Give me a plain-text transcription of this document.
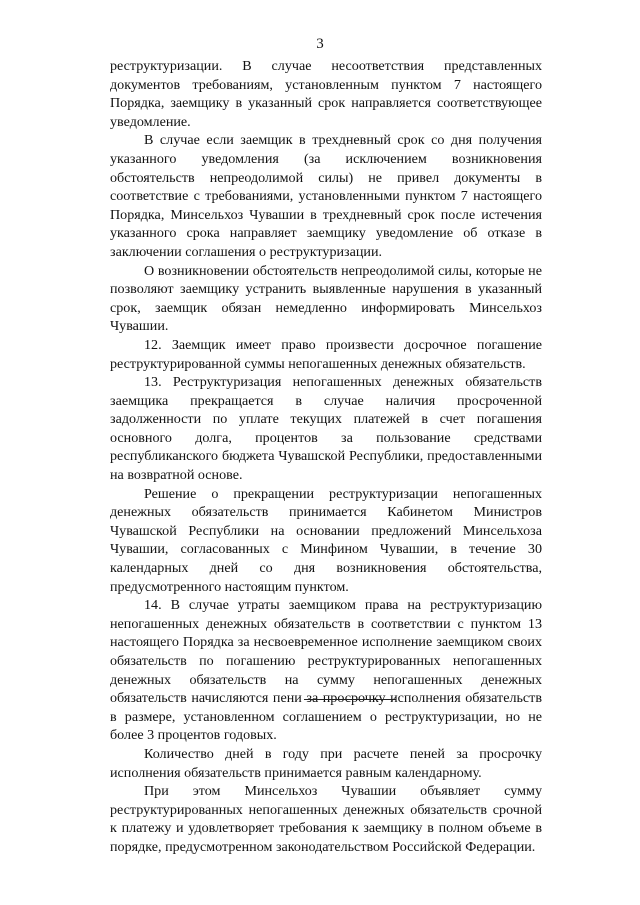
3

реструктуризации. В случае несоответствия представленных документов требованиям, установленным пунктом 7 настоящего Порядка, заемщику в указанный срок направляется соответствующее уведомление.

В случае если заемщик в трехдневный срок со дня получения указанного уведомления (за исключением возникновения обстоятельств непреодолимой силы) не привел документы в соответствие с требованиями, установленными пунктом 7 настоящего Порядка, Минсельхоз Чувашии в трехдневный срок после истечения указанного срока направляет заемщику уведомление об отказе в заключении соглашения о реструктуризации.

О возникновении обстоятельств непреодолимой силы, которые не позволяют заемщику устранить выявленные нарушения в указанный срок, заемщик обязан немедленно информировать Минсельхоз Чувашии.

12. Заемщик имеет право произвести досрочное погашение реструктурированной суммы непогашенных денежных обязательств.

13. Реструктуризация непогашенных денежных обязательств заемщика прекращается в случае наличия просроченной задолженности по уплате текущих платежей в счет погашения основного долга, процентов за пользование средствами республиканского бюджета Чувашской Республики, предоставленными на возвратной основе.

Решение о прекращении реструктуризации непогашенных денежных обязательств принимается Кабинетом Министров Чувашской Республики на основании предложений Минсельхоза Чувашии, согласованных с Минфином Чувашии, в течение 30 календарных дней со дня возникновения обстоятельства, предусмотренного настоящим пунктом.

14. В случае утраты заемщиком права на реструктуризацию непогашенных денежных обязательств в соответствии с пунктом 13 настоящего Порядка за несвоевременное исполнение заемщиком своих обязательств по погашению реструктурированных непогашенных денежных обязательств на сумму непогашенных денежных обязательств начисляются пени за просрочку исполнения обязательств в размере, установленном соглашением о реструктуризации, но не более 3 процентов годовых.

Количество дней в году при расчете пеней за просрочку исполнения обязательств принимается равным календарному.

При этом Минсельхоз Чувашии объявляет сумму реструктурированных непогашенных денежных обязательств срочной к платежу и удовлетворяет требования к заемщику в полном объеме в порядке, предусмотренном законодательством Российской Федерации.
